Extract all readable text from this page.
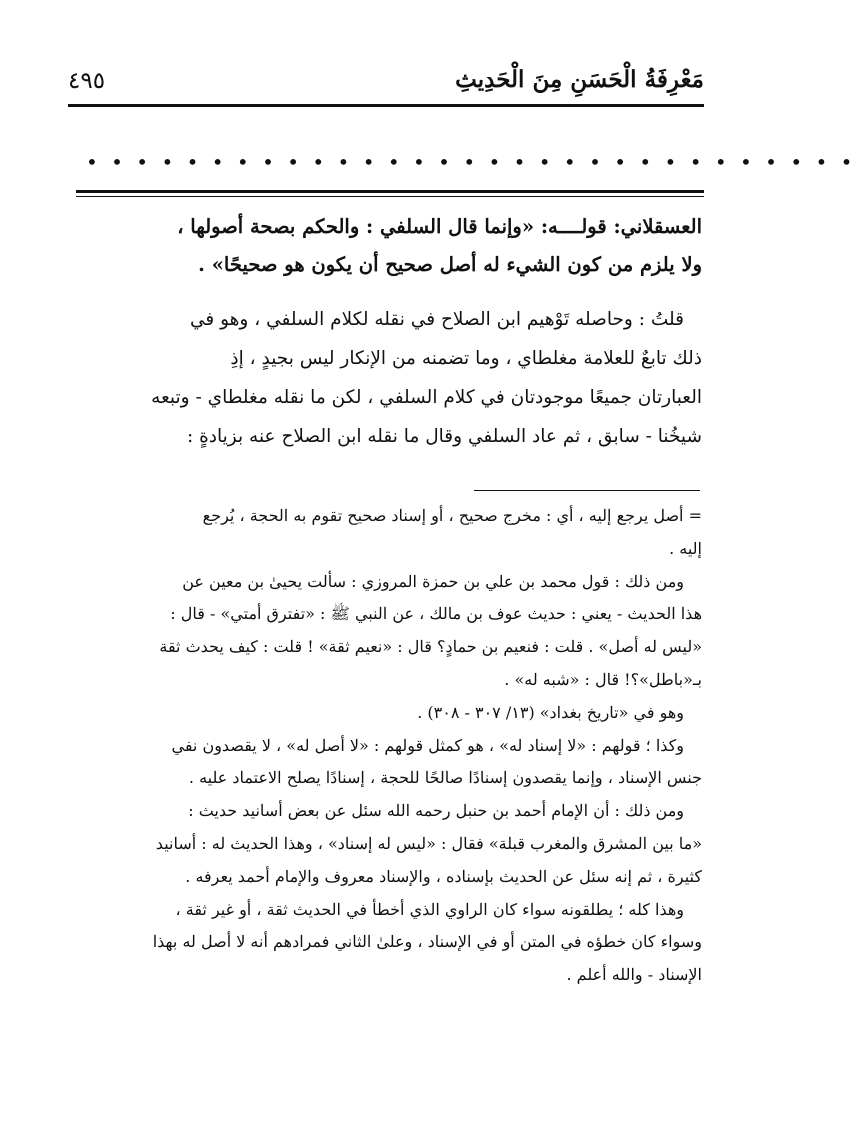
مَعْرِفَةُ الْحَسَنِ مِنَ الْحَدِيثِ
٤٩٥
• • • • • • • • • • • • • • • • • • • • • • • • • • • • • • •
العسقلاني: قولــــه: «وإنما قال السلفي : والحكم بصحة أصولها ،
ولا يلزم من كون الشيء له أصل صحيح أن يكون هو صحيحًا» .
قلتُ : وحاصله تَوْهيم ابن الصلاح في نقله لكلام السلفي ، وهو في
ذلك تابعٌ للعلامة مغلطاي ، وما تضمنه من الإنكار ليس بجيدٍ ، إذِ
العبارتان جميعًا موجودتان في كلام السلفي ، لكن ما نقله مغلطاي - وتبعه
شيخُنا - سابق ، ثم عاد السلفي وقال ما نقله ابن الصلاح عنه بزيادةٍ :
= أصل يرجع إليه ، أي : مخرج صحيح ، أو إسناد صحيح تقوم به الحجة ، يُرجع
إليه .
ومن ذلك : قول محمد بن علي بن حمزة المروزي : سألت يحيىٰ بن معين عن
هذا الحديث - يعني : حديث عوف بن مالك ، عن النبي ﷺ : «تفترق أمتي» - قال :
«ليس له أصل» . قلت : فنعيم بن حمادٍ؟ قال : «نعيم ثقة» ! قلت : كيف يحدث ثقة
بـ«باطل»؟! قال : «شبه له» .
وهو في «تاريخ بغداد» (١٣/ ٣٠٧ - ٣٠٨) .
وكذا ؛ قولهم : «لا إسناد له» ، هو كمثل قولهم : «لا أصل له» ، لا يقصدون نفي
جنس الإسناد ، وإنما يقصدون إسنادًا صالحًا للحجة ، إسنادًا يصلح الاعتماد عليه .
ومن ذلك : أن الإمام أحمد بن حنبل رحمه الله سئل عن بعض أسانيد حديث :
«ما بين المشرق والمغرب قبلة» فقال : «ليس له إسناد» ، وهذا الحديث له : أسانيد
كثيرة ، ثم إنه سئل عن الحديث بإسناده ، والإسناد معروف والإمام أحمد يعرفه .
وهذا كله ؛ يطلقونه سواء كان الراوي الذي أخطأ في الحديث ثقة ، أو غير ثقة ،
وسواء كان خطؤه في المتن أو في الإسناد ، وعلىٰ الثاني فمرادهم أنه لا أصل له بهذا
الإسناد - والله أعلم .
